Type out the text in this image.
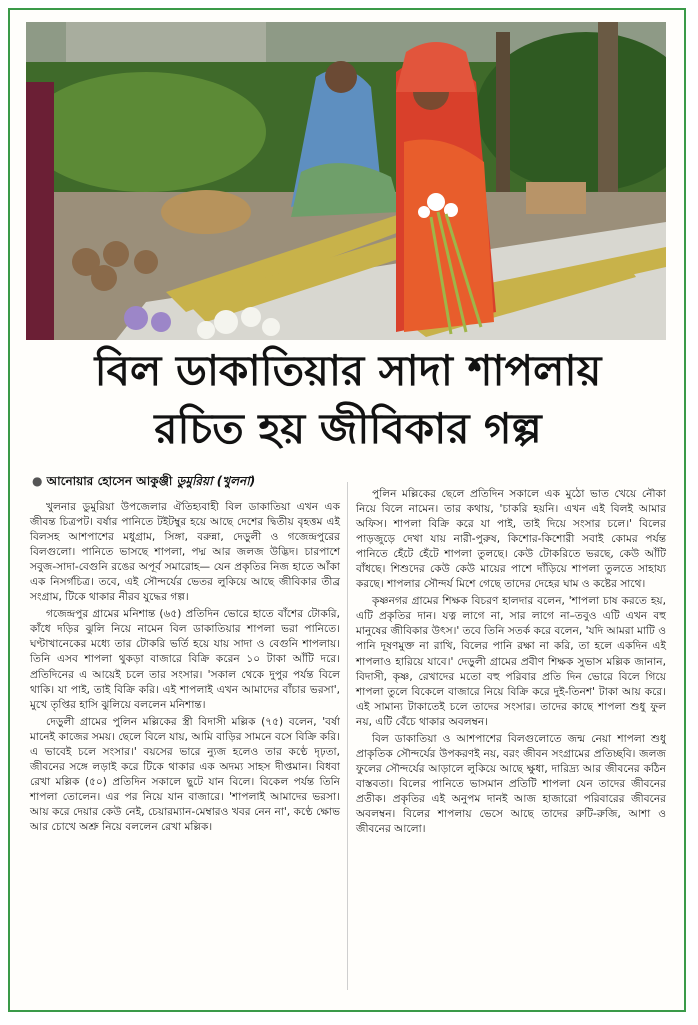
বিল ডাকাতিয়ার সাদা শাপলায়
রচিত হয় জীবিকার গল্প
● আনোয়ার হোসেন আকুঞ্জী ডুমুরিয়া (খুলনা)

খুলনার ডুমুরিয়া উপজেলার ঐতিহ্যবাহী বিল ডাকাতিয়া এখন এক জীবন্ত চিত্রপট। বর্ষার পানিতে টইটম্বুর হয়ে আছে দেশের দ্বিতীয় বৃহত্তম এই বিলসহ আশপাশের মধুগ্রাম, সিঙ্গা, বরুন্না, দেড়ুলী ও গজেন্দ্রপুরের বিলগুলো। পানিতে ভাসছে শাপলা, পদ্ম আর জলজ উদ্ভিদ। চারপাশে সবুজ-সাদা-বেগুনি রঙের অপূর্ব সমারোহ— যেন প্রকৃতির নিজ হাতে আঁকা এক নিসর্গচিত্র। তবে, এই সৌন্দর্যের ভেতর লুকিয়ে আছে জীবিকার তীব্র সংগ্রাম, টিকে থাকার নীরব যুদ্ধের গল্প।

গজেন্দ্রপুর গ্রামের মনিশান্ত (৬৫) প্রতিদিন ভোরে হাতে বাঁশের টোকরি, কাঁধে দড়ির ঝুলি নিয়ে নামেন বিল ডাকাতিয়ার শাপলা ভরা পানিতে। ঘণ্টাখানেকের মধ্যে তার টোকরি ভর্তি হয়ে যায় সাদা ও বেগুনি শাপলায়। তিনি এসব শাপলা থুকড়া বাজারে বিক্রি করেন ১০ টাকা আঁটি দরে। প্রতিদিনের এ আয়েই চলে তার সংসার। 'সকাল থেকে দুপুর পর্যন্ত বিলে থাকি। যা পাই, তাই বিক্রি করি। এই শাপলাই এখন আমাদের বাঁচার ভরসা', মুখে তৃপ্তির হাসি ঝুলিয়ে বললেন মনিশান্ত।

দেড়ুলী গ্রামের পুলিন মল্লিকের স্ত্রী বিদাসী মল্লিক (৭৫) বলেন, 'বর্ষা মানেই কাজের সময়। ছেলে বিলে যায়, আমি বাড়ির সামনে বসে বিক্রি করি। এ ভাবেই চলে সংসার।' বয়সের ভারে ন্যুজ হলেও তার কণ্ঠে দৃঢ়তা, জীবনের সঙ্গে লড়াই করে টিকে থাকার এক অদম্য সাহস দীপ্তমান। বিধবা রেখা মল্লিক (৫০) প্রতিদিন সকালে ছুটে যান বিলে। বিকেল পর্যন্ত তিনি শাপলা তোলেন। এর পর নিয়ে যান বাজারে। 'শাপলাই আমাদের ভরসা। আয় করে দেয়ার কেউ নেই, চেয়ারম্যান-মেম্বারও খবর নেন না', কণ্ঠে ক্ষোভ আর চোখে অশ্রু নিয়ে বললেন রেখা মল্লিক।

পুলিন মল্লিকের ছেলে প্রতিদিন সকালে এক মুঠো ভাত খেয়ে নৌকা নিয়ে বিলে নামেন। তার কথায়, 'চাকরি হয়নি। এখন এই বিলই আমার অফিস। শাপলা বিক্রি করে যা পাই, তাই দিয়ে সংসার চলে।' বিলের পাড়জুড়ে দেখা যায় নারী-পুরুষ, কিশোর-কিশোরী সবাই কোমর পর্যন্ত পানিতে হেঁটে হেঁটে শাপলা তুলছে। কেউ টোকরিতে ভরছে, কেউ আঁটি বাঁধছে। শিশুদের কেউ কেউ মায়ের পাশে দাঁড়িয়ে শাপলা তুলতে সাহায্য করছে। শাপলার সৌন্দর্য মিশে গেছে তাদের দেহের ঘাম ও কষ্টের সাথে।

কৃষ্ণনগর গ্রামের শিক্ষক বিচরণ হালদার বলেন, 'শাপলা চাষ করতে হয়, এটি প্রকৃতির দান। যত্ন লাগে না, সার লাগে না–তবুও এটি এখন বহু মানুষের জীবিকার উৎস।' তবে তিনি সতর্ক করে বলেন, 'যদি আমরা মাটি ও পানি দূষণমুক্ত না রাখি, বিলের পানি রক্ষা না করি, তা হলে একদিন এই শাপলাও হারিয়ে যাবে।' দেড়ুলী গ্রামের প্রবীণ শিক্ষক সুভাস মল্লিক জানান, বিদাসী, কৃষ্ণ, রেখাদের মতো বহু পরিবার প্রতি দিন ভোরে বিলে গিয়ে শাপলা তুলে বিকেলে বাজারে নিয়ে বিক্রি করে দুই-তিনশ' টাকা আয় করে। এই সামান্য টাকাতেই চলে তাদের সংসার। তাদের কাছে শাপলা শুধু ফুল নয়, এটি বেঁচে থাকার অবলম্বন।

বিল ডাকাতিয়া ও আশপাশের বিলগুলোতে জন্ম নেয়া শাপলা শুধু প্রাকৃতিক সৌন্দর্যের উপকরণই নয়, বরং জীবন সংগ্রামের প্রতিচ্ছবি। জলজ ফুলের সৌন্দর্যের আড়ালে লুকিয়ে আছে ক্ষুধা, দারিদ্র্য আর জীবনের কঠিন বাস্তবতা। বিলের পানিতে ভাসমান প্রতিটি শাপলা যেন তাদের জীবনের প্রতীক। প্রকৃতির এই অনুপম দানই আজ হাজারো পরিবারের জীবনের অবলম্বন। বিলের শাপলায় ভেসে আছে তাদের রুটি-রুজি, আশা ও জীবনের আলো।
